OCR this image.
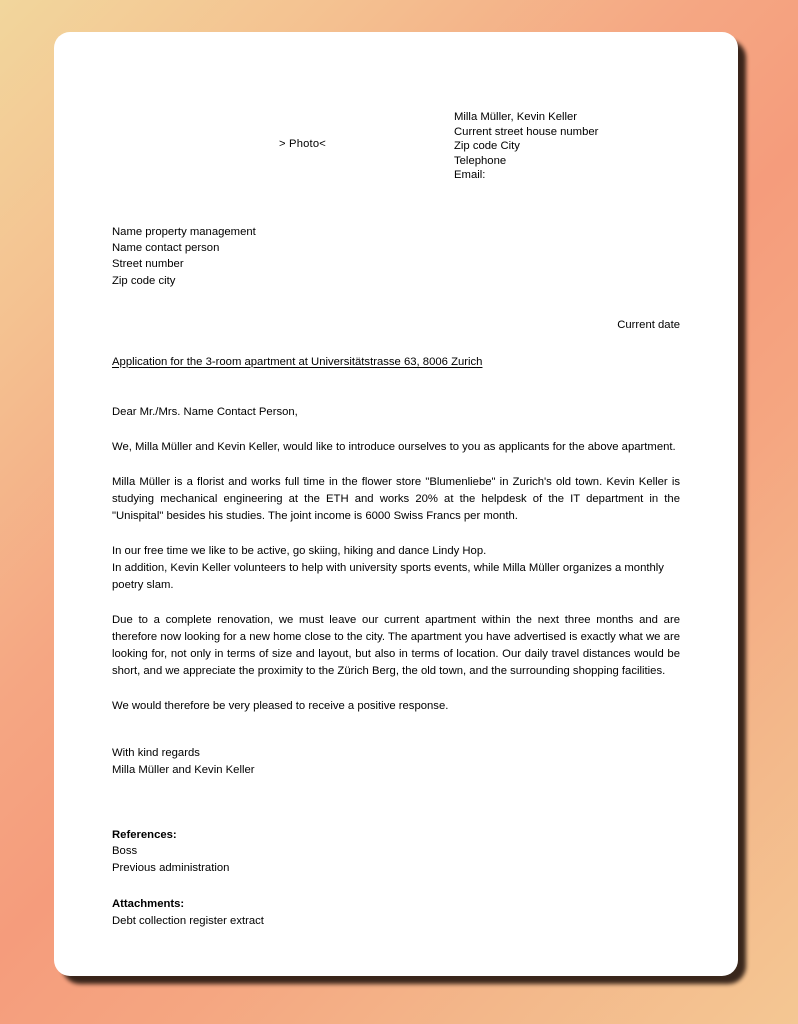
> Photo<
Milla Müller, Kevin Keller
Current street house number
Zip code City
Telephone
Email:
Name property management
Name contact person
Street number
Zip code city
Current date
Application for the 3-room apartment at Universitätstrasse 63, 8006 Zurich
Dear Mr./Mrs. Name Contact Person,
We, Milla Müller and Kevin Keller, would like to introduce ourselves to you as applicants for the above apartment.
Milla Müller is a florist and works full time in the flower store "Blumenliebe" in Zurich's old town. Kevin Keller is studying mechanical engineering at the ETH and works 20% at the helpdesk of the IT department in the "Unispital" besides his studies. The joint income is 6000 Swiss Francs per month.
In our free time we like to be active, go skiing, hiking and dance Lindy Hop.
In addition, Kevin Keller volunteers to help with university sports events, while Milla Müller organizes a monthly poetry slam.
Due to a complete renovation, we must leave our current apartment within the next three months and are therefore now looking for a new home close to the city. The apartment you have advertised is exactly what we are looking for, not only in terms of size and layout, but also in terms of location. Our daily travel distances would be short, and we appreciate the proximity to the Zürich Berg, the old town, and the surrounding shopping facilities.
We would therefore be very pleased to receive a positive response.
With kind regards
Milla Müller and Kevin Keller
References:
Boss
Previous administration
Attachments:
Debt collection register extract
